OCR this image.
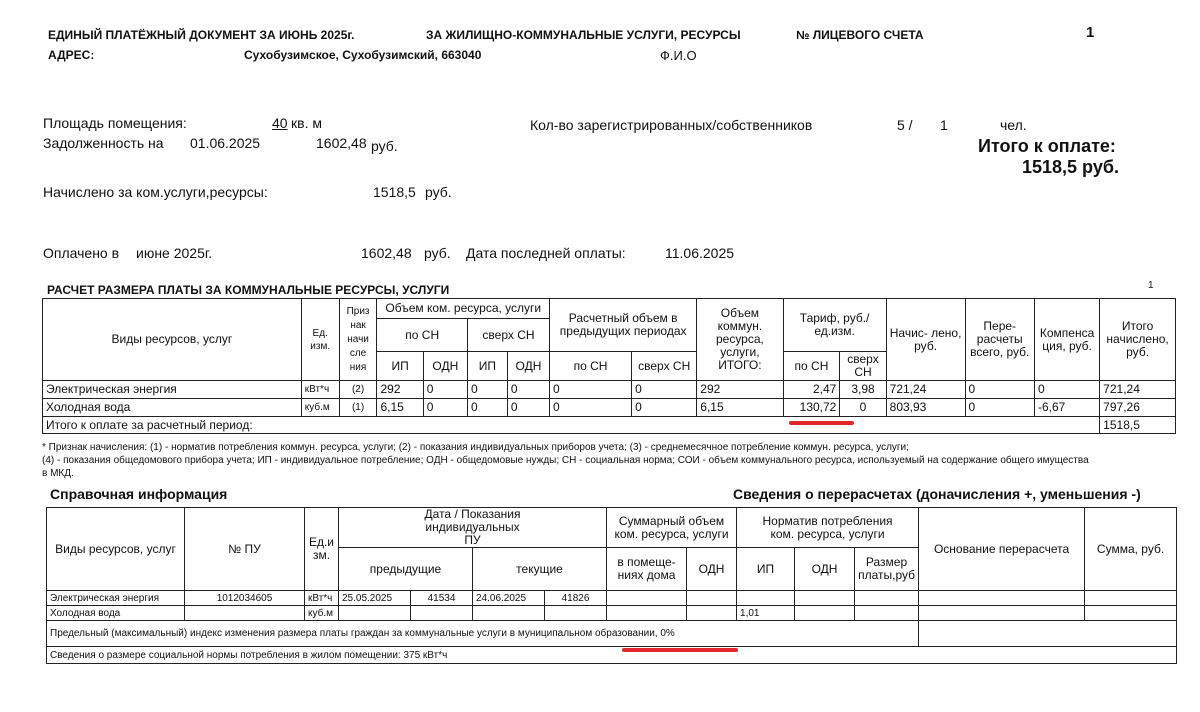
ЕДИНЫЙ ПЛАТЁЖНЫЙ ДОКУМЕНТ ЗА ИЮНЬ 2025г.	ЗА ЖИЛИЩНО-КОММУНАЛЬНЫЕ УСЛУГИ, РЕСУРСЫ	№ ЛИЦЕВОГО СЧЕТА	1
АДРЕС:	Сухобузимское, Сухобузимский, 663040	Ф.И.О
Площадь помещения:	40 кв. м	Кол-во зарегистрированных/собственников	5 / 1	чел.
Задолженность на 01.06.2025	1602,48 руб.	Итого к оплате:
1518,5 руб.
Начислено за ком.услуги,ресурсы:	1518,5 руб.
Оплачено в июне 2025г.	1602,48 руб. Дата последней оплаты:	11.06.2025
РАСЧЕТ РАЗМЕРА ПЛАТЫ ЗА КОММУНАЛЬНЫЕ РЕСУРСЫ, УСЛУГИ	1
Виды ресурсов, услуг	Ед. изм.	Приз нак начи сле ния	Объем ком. ресурса, услуги				Расчетный объем в предыдущих периодах		Объем коммун. ресурса, услуги, ИТОГО:	Тариф, руб./ед.изм.		Начис- лено, руб.	Пере- расчеты всего, руб.	Компенса ция, руб.	Итого начислено, руб.
			по СН		сверх СН										
			ИП	ОДН	ИП	ОДН	по СН	сверх СН		по СН	сверх СН				
Электрическая энергия	кВт*ч	(2)	292	0	0	0	0	0	292	2,47	3,98	721,24	0	0	721,24
Холодная вода	куб.м	(1)	6,15	0	0	0	0	0	6,15	130,72	0	803,93	0	-6,67	797,26
Итого к оплате за расчетный период:															1518,5
* Признак начисления: (1) - норматив потребления коммун. ресурса, услуги; (2) - показания индивидуальных приборов учета; (3) - среднемесячное потребление коммун. ресурса, услуги;
(4) - показания общедомового прибора учета; ИП - индивидуальное потребление; ОДН - общедомовые нужды; СН - социальная норма; СОИ - объем коммунального ресурса, используемый на содержание общего имущества
в МКД.
Справочная информация	Сведения о перерасчетах (доначисления +, уменьшения -)
Виды ресурсов, услуг	№ ПУ	Ед.и зм.	Дата / Показания индивидуальных ПУ				Суммарный объем ком. ресурса, услуги		Норматив потребления ком. ресурса, услуги			Основание перерасчета	Сумма, руб.
			предыдущие		текущие		в помеще- ниях дома	ОДН	ИП	ОДН	Размер платы,руб		
Электрическая энергия	1012034605	кВт*ч	25.05.2025	41534	24.06.2025	41826							
Холодная вода		куб.м							1,01				
Предельный (максимальный) индекс изменения размера платы граждан за коммунальные услуги в муниципальном образовании, 0%													
Сведения о размере социальной нормы потребления в жилом помещении: 375 кВт*ч													
